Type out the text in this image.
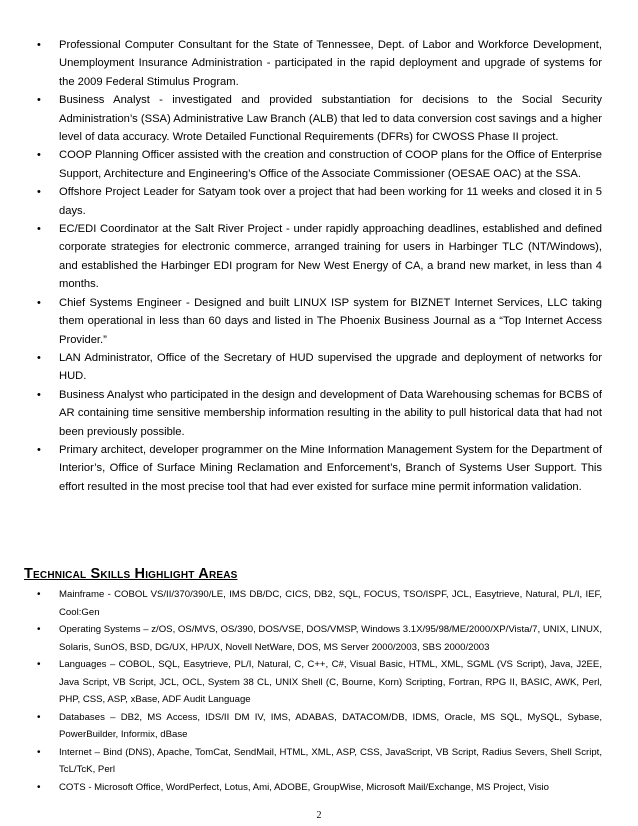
•	Professional Computer Consultant for the State of Tennessee, Dept. of Labor and Workforce Development, Unemployment Insurance Administration - participated in the rapid deployment and upgrade of systems for the 2009 Federal Stimulus Program.
•	Business Analyst - investigated and provided substantiation for decisions to the Social Security Administration’s (SSA) Administrative Law Branch (ALB) that led to data conversion cost savings and a higher level of data accuracy. Wrote Detailed Functional Requirements (DFRs) for CWOSS Phase II project.
•	COOP Planning Officer assisted with the creation and construction of COOP plans for the Office of Enterprise Support, Architecture and Engineering’s Office of the Associate Commissioner (OESAE OAC) at the SSA.
•	Offshore Project Leader for Satyam took over a project that had been working for 11 weeks and closed it in 5 days.
•	EC/EDI Coordinator at the Salt River Project - under rapidly approaching deadlines, established and defined corporate strategies for electronic commerce, arranged training for users in Harbinger TLC (NT/Windows), and established the Harbinger EDI program for New West Energy of CA, a brand new market, in less than 4 months.
•	Chief Systems Engineer - Designed and built LINUX ISP system for BIZNET Internet Services, LLC taking them operational in less than 60 days and listed in The Phoenix Business Journal as a “Top Internet Access Provider.”
•	LAN Administrator, Office of the Secretary of HUD supervised the upgrade and deployment of networks for HUD.
•	Business Analyst who participated in the design and development of Data Warehousing schemas for BCBS of AR containing time sensitive membership information resulting in the ability to pull historical data that had not been previously possible.
•	Primary architect, developer programmer on the Mine Information Management System for the Department of Interior’s, Office of Surface Mining Reclamation and Enforcement’s, Branch of Systems User Support. This effort resulted in the most precise tool that had ever existed for surface mine permit information validation.
Technical Skills Highlight Areas
•	Mainframe - COBOL VS/II/370/390/LE, IMS DB/DC, CICS, DB2, SQL, FOCUS, TSO/ISPF, JCL, Easytrieve, Natural, PL/I, IEF, Cool:Gen
•	Operating Systems – z/OS, OS/MVS, OS/390, DOS/VSE, DOS/VMSP, Windows 3.1X/95/98/ME/2000/XP/Vista/7, UNIX, LINUX, Solaris, SunOS, BSD, DG/UX, HP/UX, Novell NetWare, DOS, MS Server 2000/2003, SBS 2000/2003
•	Languages – COBOL, SQL, Easytrieve, PL/I, Natural, C, C++, C#, Visual Basic, HTML, XML, SGML (VS Script), Java, J2EE, Java Script, VB Script, JCL, OCL, System 38 CL, UNIX Shell (C, Bourne, Korn) Scripting, Fortran, RPG II, BASIC, AWK, Perl, PHP, CSS, ASP, xBase, ADF Audit Language
•	Databases – DB2, MS Access, IDS/II DM IV, IMS, ADABAS, DATACOM/DB, IDMS, Oracle, MS SQL, MySQL, Sybase, PowerBuilder, Informix, dBase
•	Internet – Bind (DNS), Apache, TomCat, SendMail, HTML, XML, ASP, CSS, JavaScript, VB Script, Radius Severs, Shell Script, TcL/TcK, Perl
•	COTS - Microsoft Office, WordPerfect, Lotus, Ami, ADOBE, GroupWise, Microsoft Mail/Exchange, MS Project, Visio
2
